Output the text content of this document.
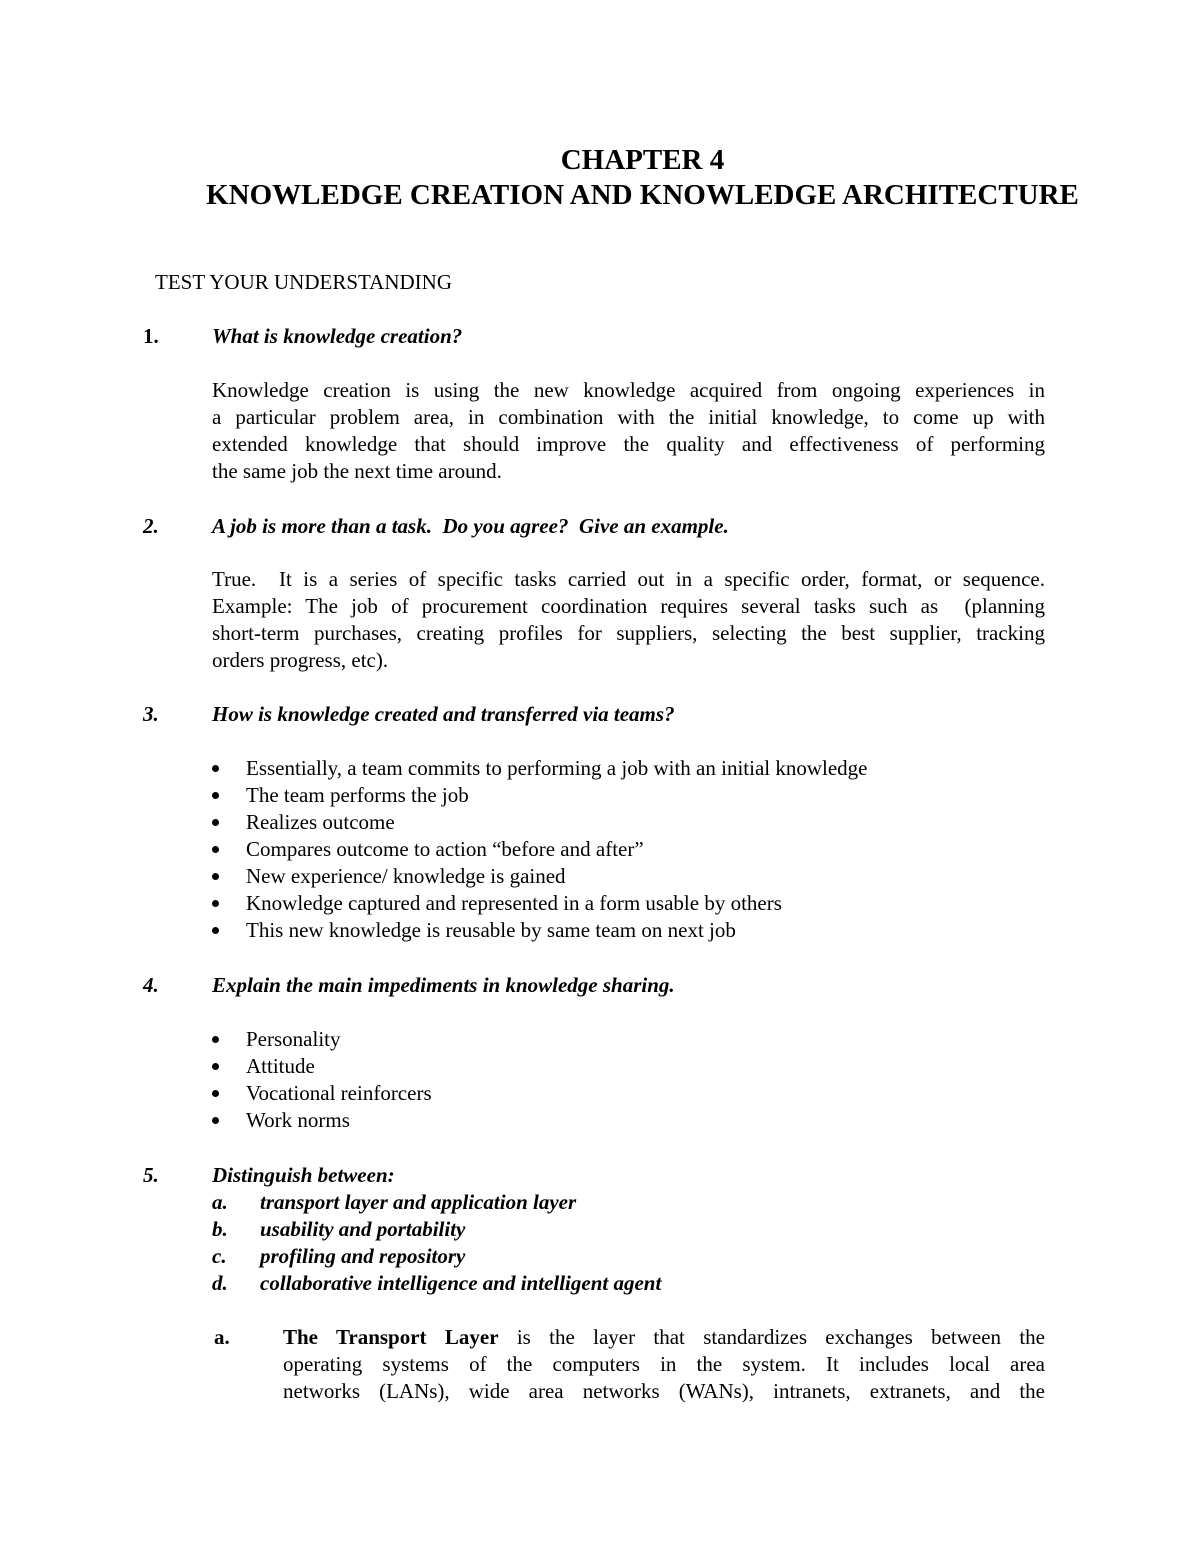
CHAPTER 4
KNOWLEDGE CREATION AND KNOWLEDGE ARCHITECTURE
TEST YOUR UNDERSTANDING
1.	What is knowledge creation?
Knowledge creation is using the new knowledge acquired from ongoing experiences in
a particular problem area, in combination with the initial knowledge, to come up with
extended knowledge that should improve the quality and effectiveness of performing
the same job the next time around.
2.	A job is more than a task.  Do you agree?  Give an example.
True.  It is a series of specific tasks carried out in a specific order, format, or sequence.
Example: The job of procurement coordination requires several tasks such as  (planning
short-term purchases, creating profiles for suppliers, selecting the best supplier, tracking
orders progress, etc).
3.	How is knowledge created and transferred via teams?
Essentially, a team commits to performing a job with an initial knowledge
The team performs the job
Realizes outcome
Compares outcome to action “before and after”
New experience/ knowledge is gained
Knowledge captured and represented in a form usable by others
This new knowledge is reusable by same team on next job
4.	Explain the main impediments in knowledge sharing.
Personality
Attitude
Vocational reinforcers
Work norms
5.	Distinguish between:
a. transport layer and application layer
b. usability and portability
c. profiling and repository
d. collaborative intelligence and intelligent agent
a.	The Transport Layer is the layer that standardizes exchanges between the
operating systems of the computers in the system. It includes local area
networks (LANs), wide area networks (WANs), intranets, extranets, and the
